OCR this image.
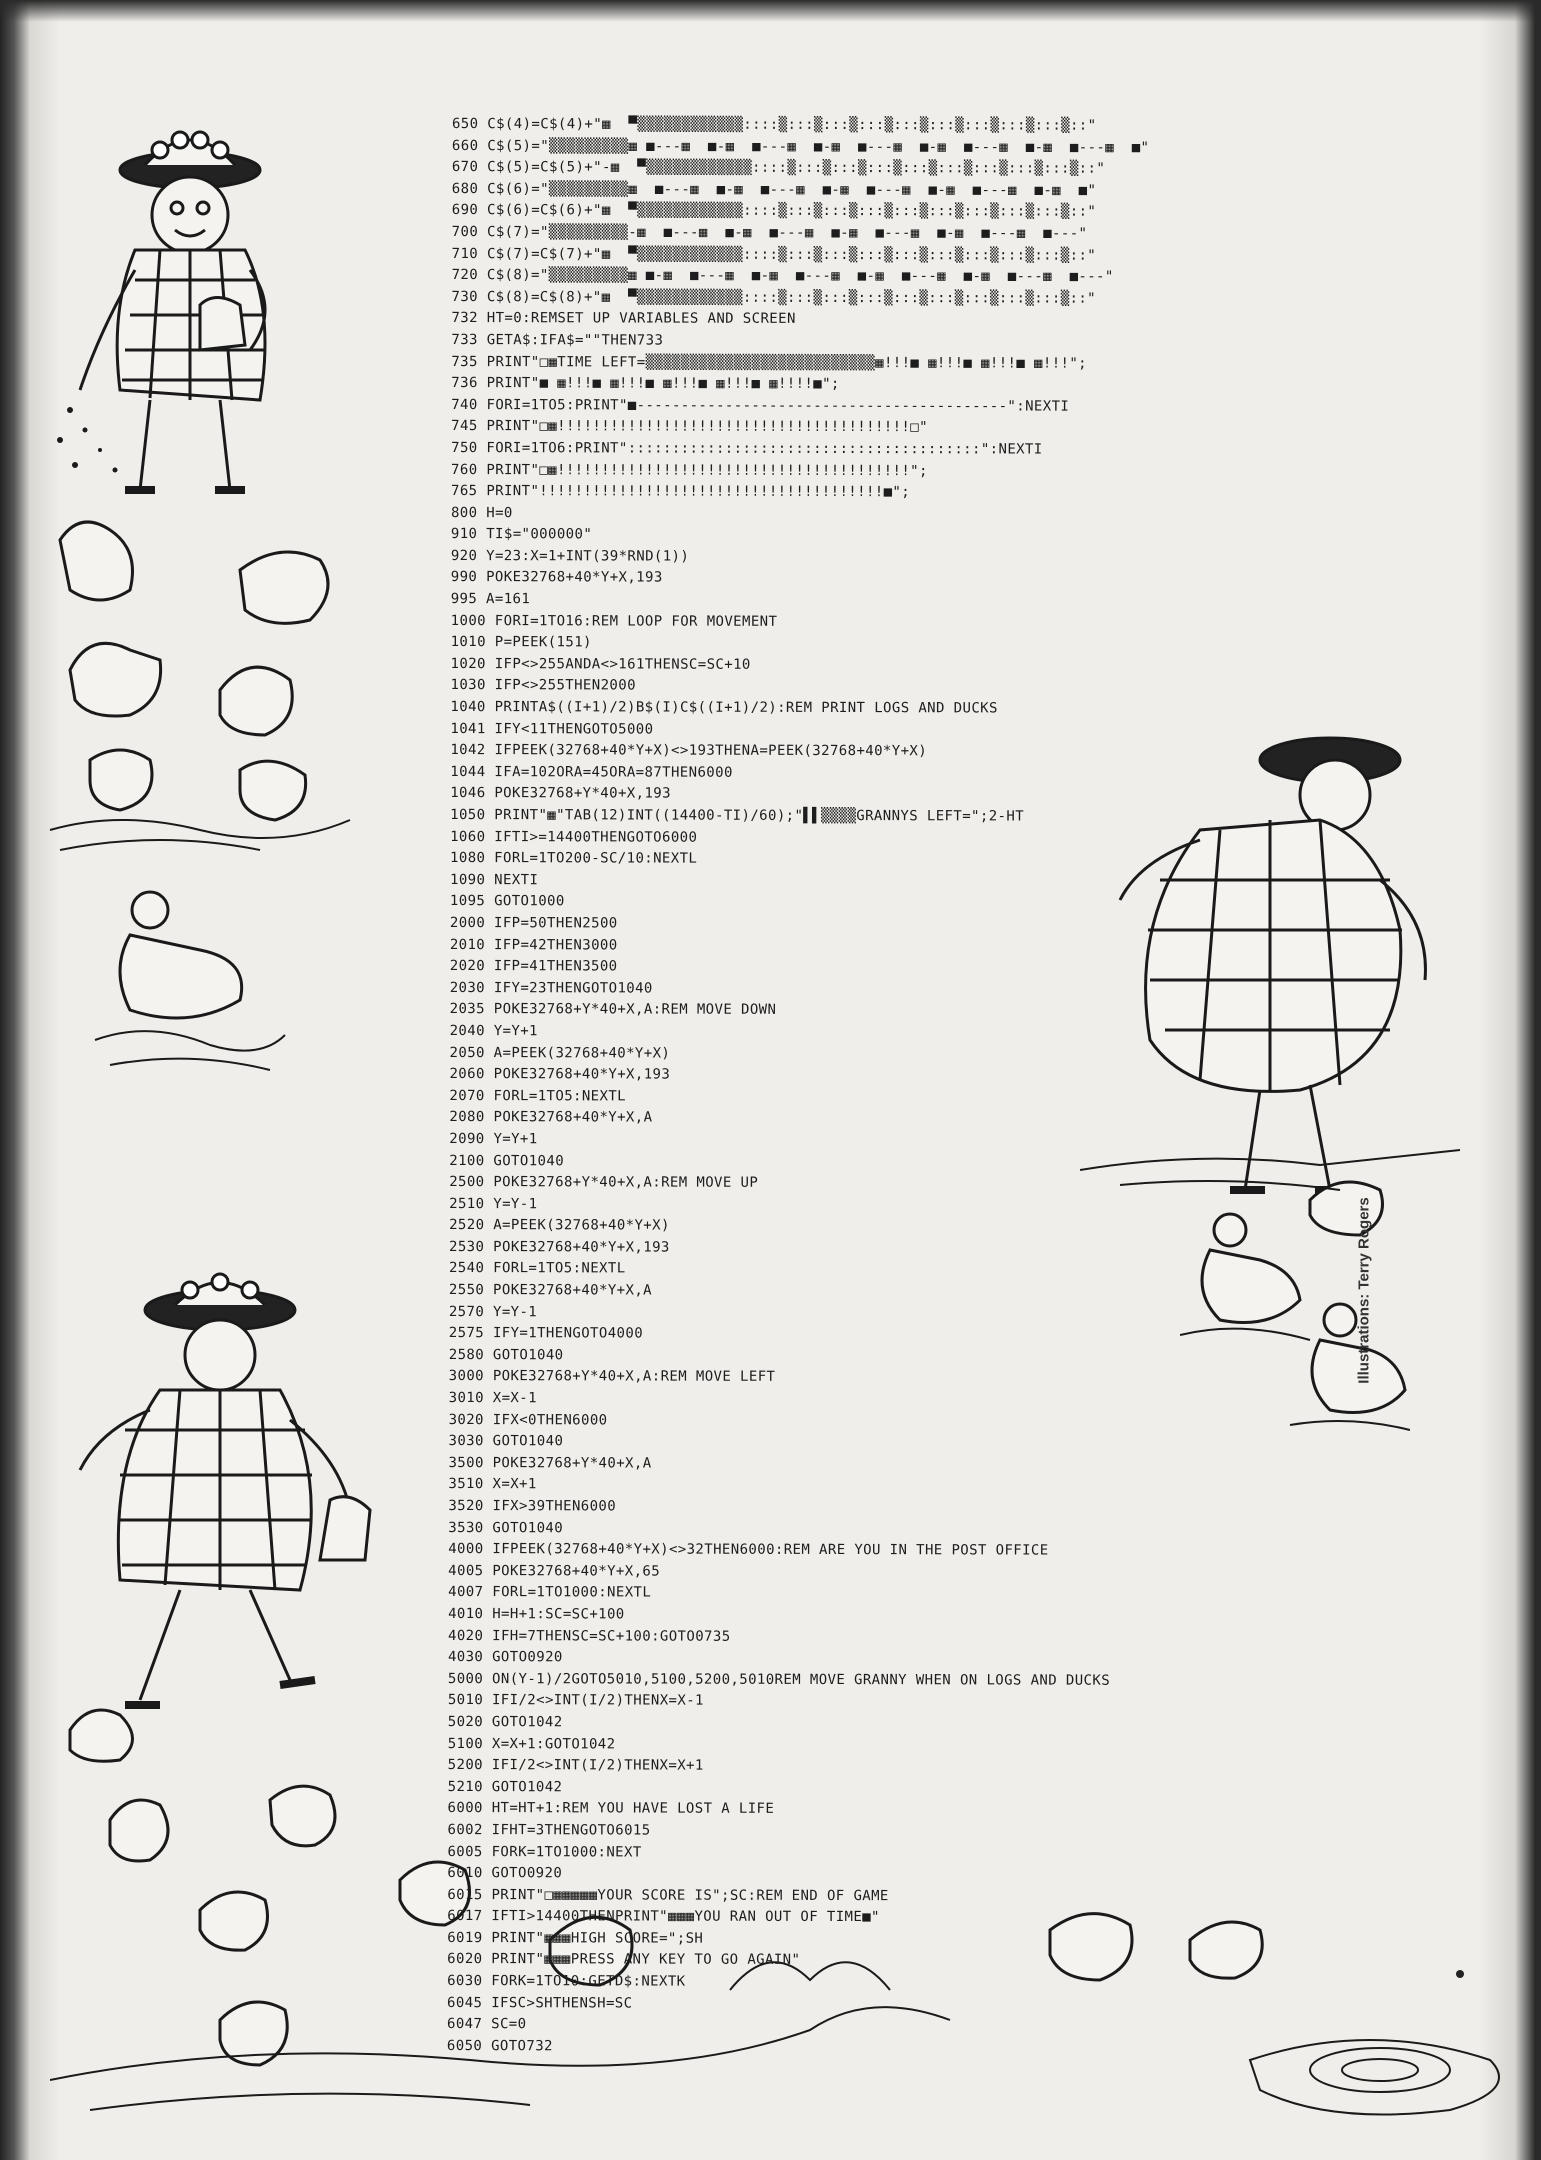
650 C$(4)=C$(4)+"▦  ▀▒▒▒▒▒▒▒▒▒▒▒▒::::▒:::▒:::▒:::▒:::▒:::▒:::▒:::▒:::▒::"
660 C$(5)="▒▒▒▒▒▒▒▒▒▦ ■---▦  ■-▦  ■---▦  ■-▦  ■---▦  ■-▦  ■---▦  ■-▦  ■---▦  ■"
670 C$(5)=C$(5)+"-▦  ▀▒▒▒▒▒▒▒▒▒▒▒▒::::▒:::▒:::▒:::▒:::▒:::▒:::▒:::▒:::▒::"
680 C$(6)="▒▒▒▒▒▒▒▒▒▦  ■---▦  ■-▦  ■---▦  ■-▦  ■---▦  ■-▦  ■---▦  ■-▦  ■"
690 C$(6)=C$(6)+"▦  ▀▒▒▒▒▒▒▒▒▒▒▒▒::::▒:::▒:::▒:::▒:::▒:::▒:::▒:::▒:::▒::"
700 C$(7)="▒▒▒▒▒▒▒▒▒-▦  ■---▦  ■-▦  ■---▦  ■-▦  ■---▦  ■-▦  ■---▦  ■---"
710 C$(7)=C$(7)+"▦  ▀▒▒▒▒▒▒▒▒▒▒▒▒::::▒:::▒:::▒:::▒:::▒:::▒:::▒:::▒:::▒::"
720 C$(8)="▒▒▒▒▒▒▒▒▒▦ ■-▦  ■---▦  ■-▦  ■---▦  ■-▦  ■---▦  ■-▦  ■---▦  ■---"
730 C$(8)=C$(8)+"▦  ▀▒▒▒▒▒▒▒▒▒▒▒▒::::▒:::▒:::▒:::▒:::▒:::▒:::▒:::▒:::▒::"
732 HT=0:REMSET UP VARIABLES AND SCREEN
733 GETA$:IFA$=""THEN733
735 PRINT"□▦TIME LEFT=▒▒▒▒▒▒▒▒▒▒▒▒▒▒▒▒▒▒▒▒▒▒▒▒▒▒▦!!!■ ▦!!!■ ▦!!!■ ▦!!!";
736 PRINT"■ ▦!!!■ ▦!!!■ ▦!!!■ ▦!!!■ ▦!!!!■";
740 FORI=1TO5:PRINT"■------------------------------------------":NEXTI
745 PRINT"□▦!!!!!!!!!!!!!!!!!!!!!!!!!!!!!!!!!!!!!!!!□"
750 FORI=1TO6:PRINT"::::::::::::::::::::::::::::::::::::::::":NEXTI
760 PRINT"□▦!!!!!!!!!!!!!!!!!!!!!!!!!!!!!!!!!!!!!!!!";
765 PRINT"!!!!!!!!!!!!!!!!!!!!!!!!!!!!!!!!!!!!!!!■";
800 H=0
910 TI$="000000"
920 Y=23:X=1+INT(39*RND(1))
990 POKE32768+40*Y+X,193
995 A=161
1000 FORI=1TO16:REM LOOP FOR MOVEMENT
1010 P=PEEK(151)
1020 IFP<>255ANDA<>161THENSC=SC+10
1030 IFP<>255THEN2000
1040 PRINTA$((I+1)/2)B$(I)C$((I+1)/2):REM PRINT LOGS AND DUCKS
1041 IFY<11THENGOTO5000
1042 IFPEEK(32768+40*Y+X)<>193THENA=PEEK(32768+40*Y+X)
1044 IFA=102ORA=45ORA=87THEN6000
1046 POKE32768+Y*40+X,193
1050 PRINT"▦"TAB(12)INT((14400-TI)/60);"▌▌▒▒▒▒GRANNYS LEFT=";2-HT
1060 IFTI>=14400THENGOTO6000
1080 FORL=1TO200-SC/10:NEXTL
1090 NEXTI
1095 GOTO1000
2000 IFP=50THEN2500
2010 IFP=42THEN3000
2020 IFP=41THEN3500
2030 IFY=23THENGOTO1040
2035 POKE32768+Y*40+X,A:REM MOVE DOWN
2040 Y=Y+1
2050 A=PEEK(32768+40*Y+X)
2060 POKE32768+40*Y+X,193
2070 FORL=1TO5:NEXTL
2080 POKE32768+40*Y+X,A
2090 Y=Y+1
2100 GOTO1040
2500 POKE32768+Y*40+X,A:REM MOVE UP
2510 Y=Y-1
2520 A=PEEK(32768+40*Y+X)
2530 POKE32768+40*Y+X,193
2540 FORL=1TO5:NEXTL
2550 POKE32768+40*Y+X,A
2570 Y=Y-1
2575 IFY=1THENGOTO4000
2580 GOTO1040
3000 POKE32768+Y*40+X,A:REM MOVE LEFT
3010 X=X-1
3020 IFX<0THEN6000
3030 GOTO1040
3500 POKE32768+Y*40+X,A
3510 X=X+1
3520 IFX>39THEN6000
3530 GOTO1040
4000 IFPEEK(32768+40*Y+X)<>32THEN6000:REM ARE YOU IN THE POST OFFICE
4005 POKE32768+40*Y+X,65
4007 FORL=1TO1000:NEXTL
4010 H=H+1:SC=SC+100
4020 IFH=7THENSC=SC+100:GOTO0735
4030 GOTO0920
5000 ON(Y-1)/2GOTO5010,5100,5200,5010REM MOVE GRANNY WHEN ON LOGS AND DUCKS
5010 IFI/2<>INT(I/2)THENX=X-1
5020 GOTO1042
5100 X=X+1:GOTO1042
5200 IFI/2<>INT(I/2)THENX=X+1
5210 GOTO1042
6000 HT=HT+1:REM YOU HAVE LOST A LIFE
6002 IFHT=3THENGOTO6015
6005 FORK=1TO1000:NEXT
6010 GOTO0920
6015 PRINT"□▦▦▦▦▦YOUR SCORE IS";SC:REM END OF GAME
6017 IFTI>14400THENPRINT"▦▦▦YOU RAN OUT OF TIME■"
6019 PRINT"▦▦▦HIGH SCORE=";SH
6020 PRINT"▦▦▦PRESS ANY KEY TO GO AGAIN"
6030 FORK=1TO10:GETD$:NEXTK
6045 IFSC>SHTHENSH=SC
6047 SC=0
6050 GOTO732
Illustrations: Terry Rogers
